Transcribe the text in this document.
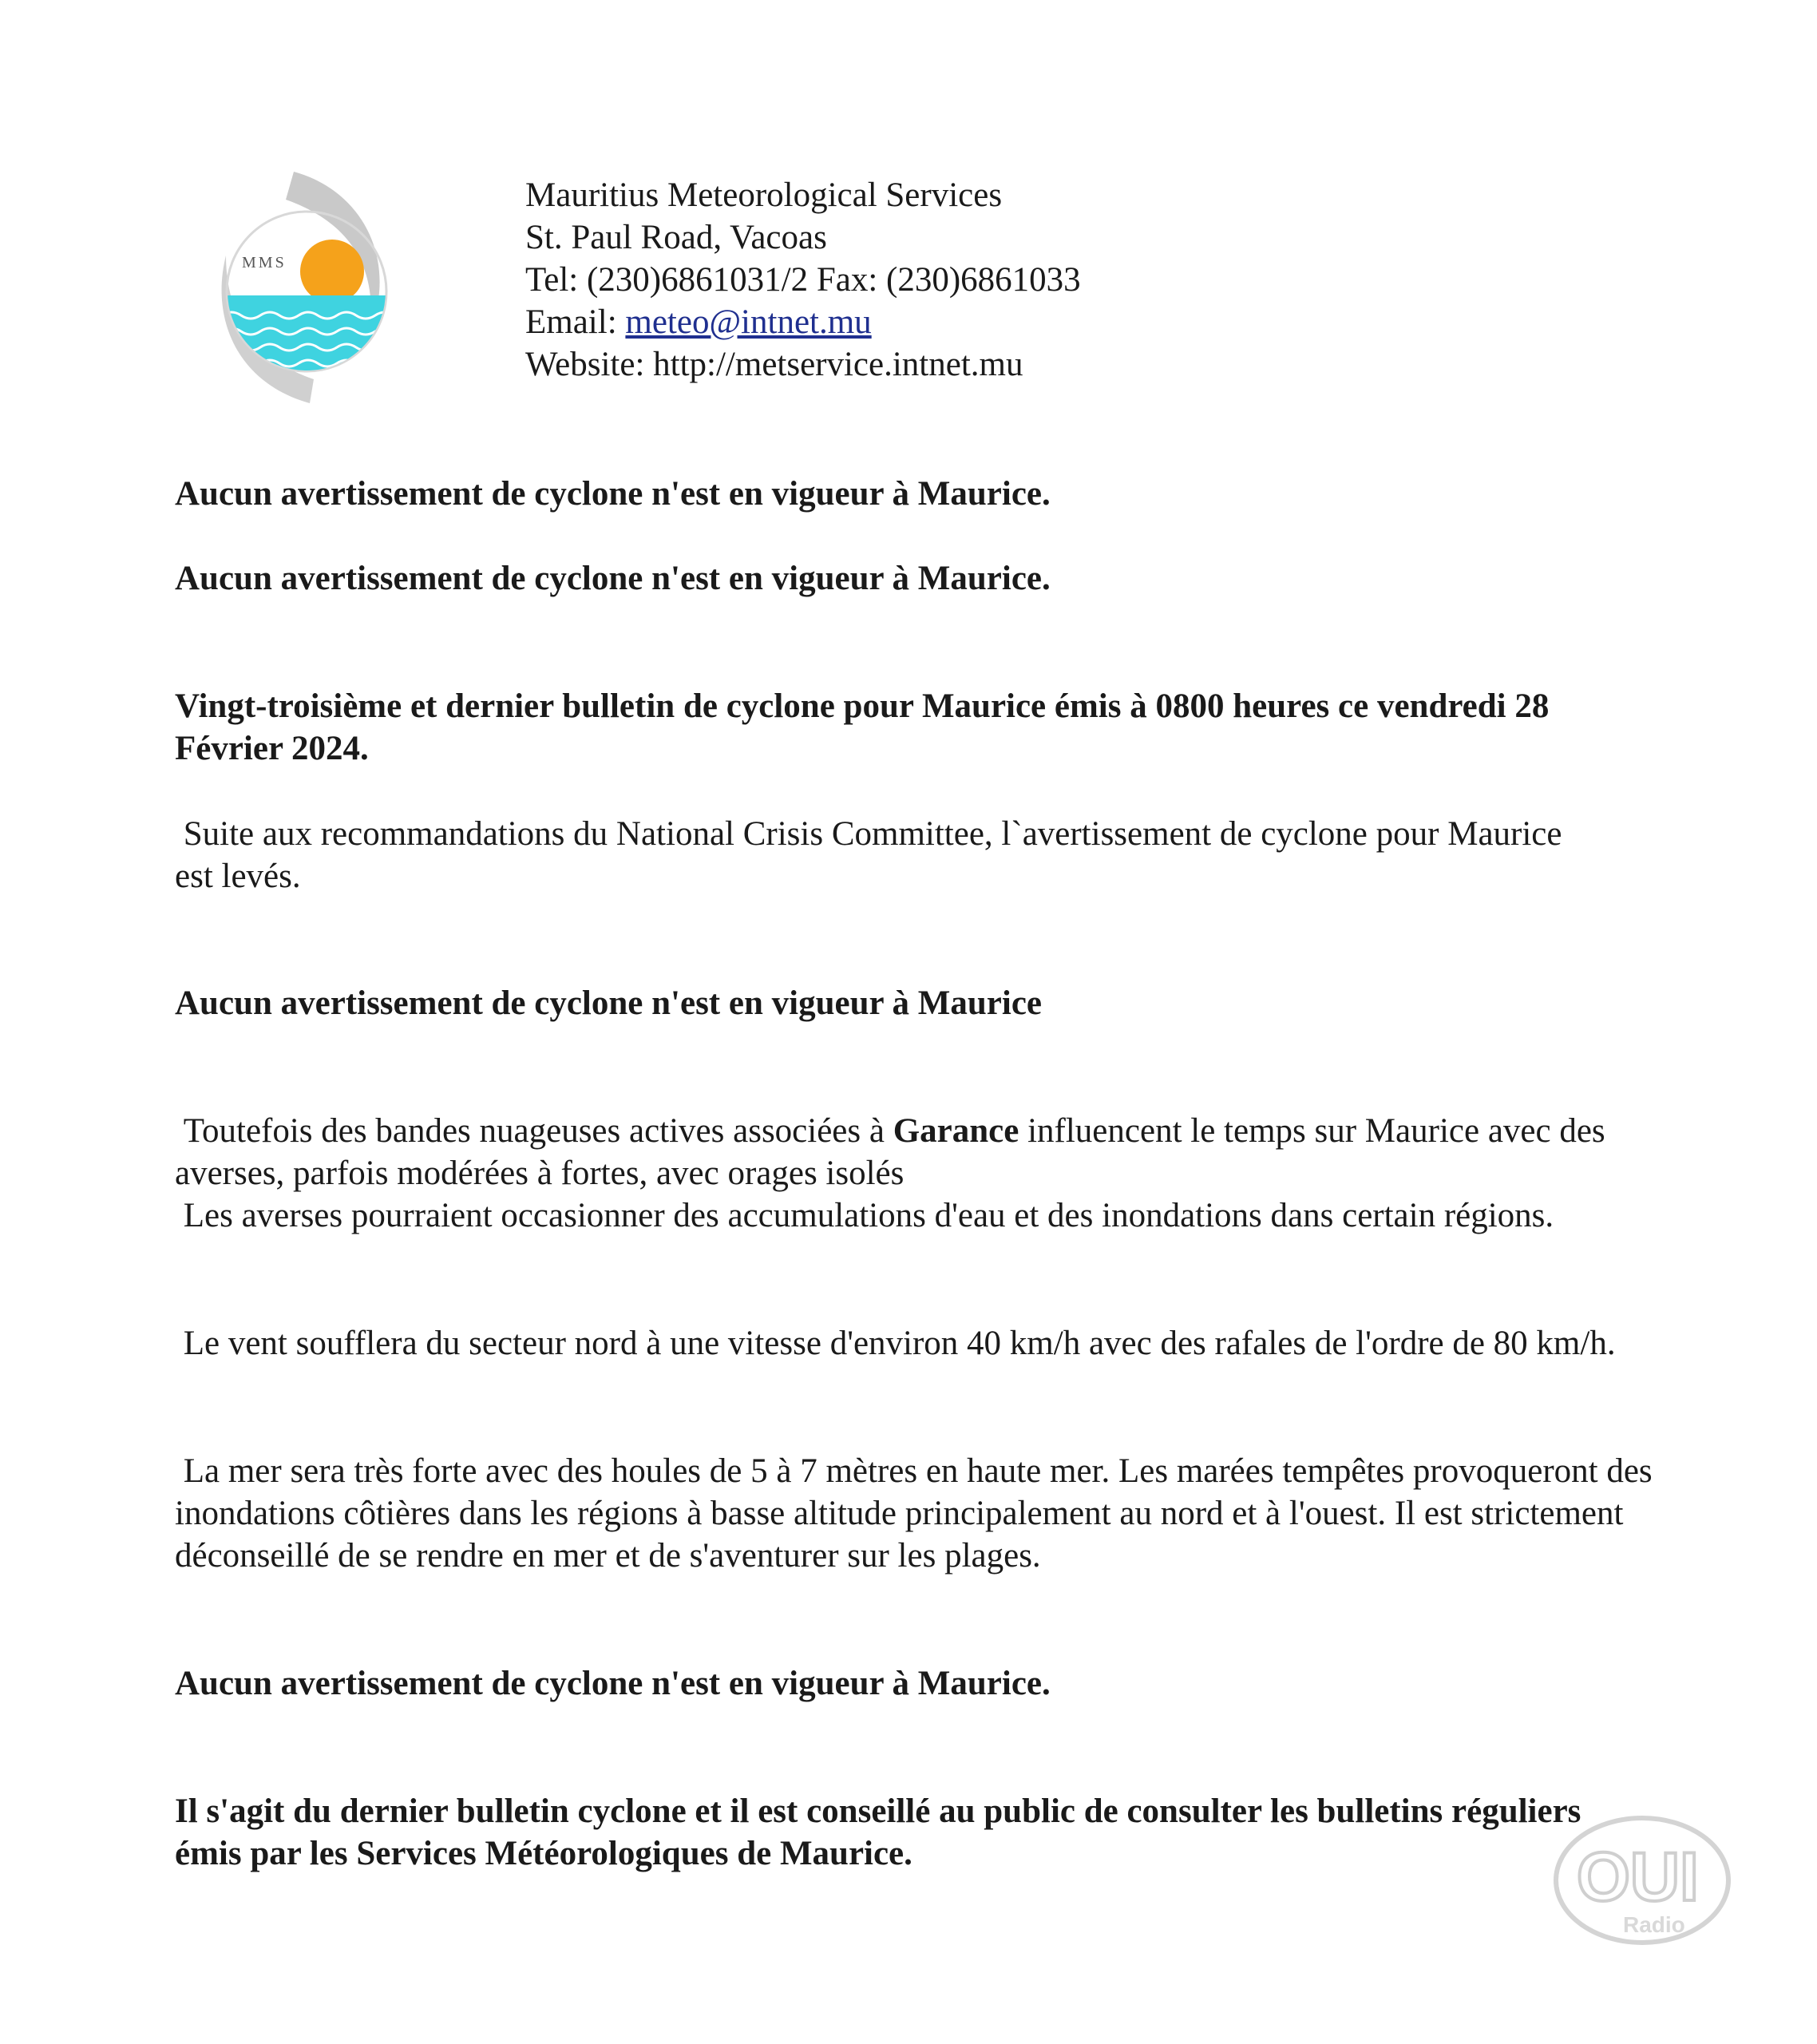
MMS
Mauritius Meteorological Services
St. Paul Road, Vacoas
Tel: (230)6861031/2 Fax: (230)6861033
Email: meteo@intnet.mu
Website: http://metservice.intnet.mu

Aucun avertissement de cyclone n'est en vigueur à Maurice.

Aucun avertissement de cyclone n'est en vigueur à Maurice.

Vingt-troisième et dernier bulletin de cyclone pour Maurice émis à 0800 heures ce vendredi 28 Février 2024.

Suite aux recommandations du National Crisis Committee, l`avertissement de cyclone pour Maurice est levés.

Aucun avertissement de cyclone n'est en vigueur à Maurice

Toutefois des bandes nuageuses actives associées à Garance influencent le temps sur Maurice avec des averses, parfois modérées à fortes, avec orages isolés

Les averses pourraient occasionner des accumulations d'eau et des inondations dans certain régions.

Le vent soufflera du secteur nord à une vitesse d'environ 40 km/h avec des rafales de l'ordre de 80 km/h.

La mer sera très forte avec des houles de 5 à 7 mètres en haute mer. Les marées tempêtes provoqueront des inondations côtières dans les régions à basse altitude principalement au nord et à l'ouest. Il est strictement déconseillé de se rendre en mer et de s'aventurer sur les plages.

Aucun avertissement de cyclone n'est en vigueur à Maurice.

Il s'agit du dernier bulletin cyclone et il est conseillé au public de consulter les bulletins réguliers émis par les Services Météorologiques de Maurice.	OUI
Radio
